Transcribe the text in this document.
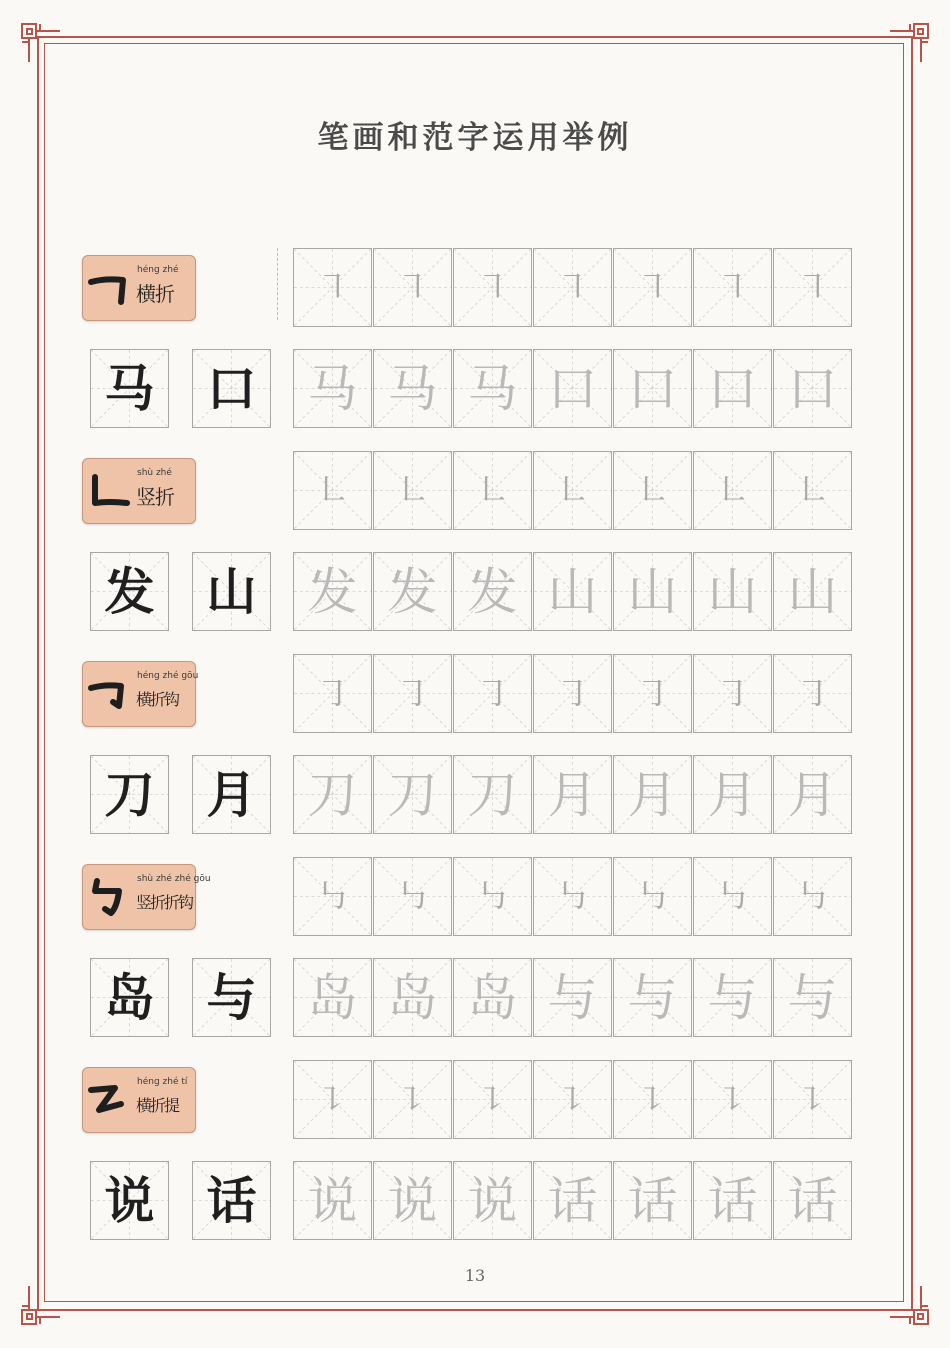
笔画和范字运用举例
héng zhé
横折	㇕	㇕	㇕	㇕	㇕	㇕	㇕
马 口 马 马 马 口 口 口 口
shù zhé
竖折	㇗	㇗	㇗	㇗	㇗	㇗	㇗
发 山 发 发 发 山 山 山 山
héng zhé gōu
横折钩	㇆	㇆	㇆	㇆	㇆	㇆	㇆
刀 月 刀 刀 刀 月 月 月 月
shù zhé zhé gōu
竖折折钩	㇉	㇉	㇉	㇉	㇉	㇉	㇉
岛 与 岛 岛 岛 与 与 与 与
héng zhé tí
横折提	㇊	㇊	㇊	㇊	㇊	㇊	㇊
说 话 说 说 说 话 话 话 话
13
